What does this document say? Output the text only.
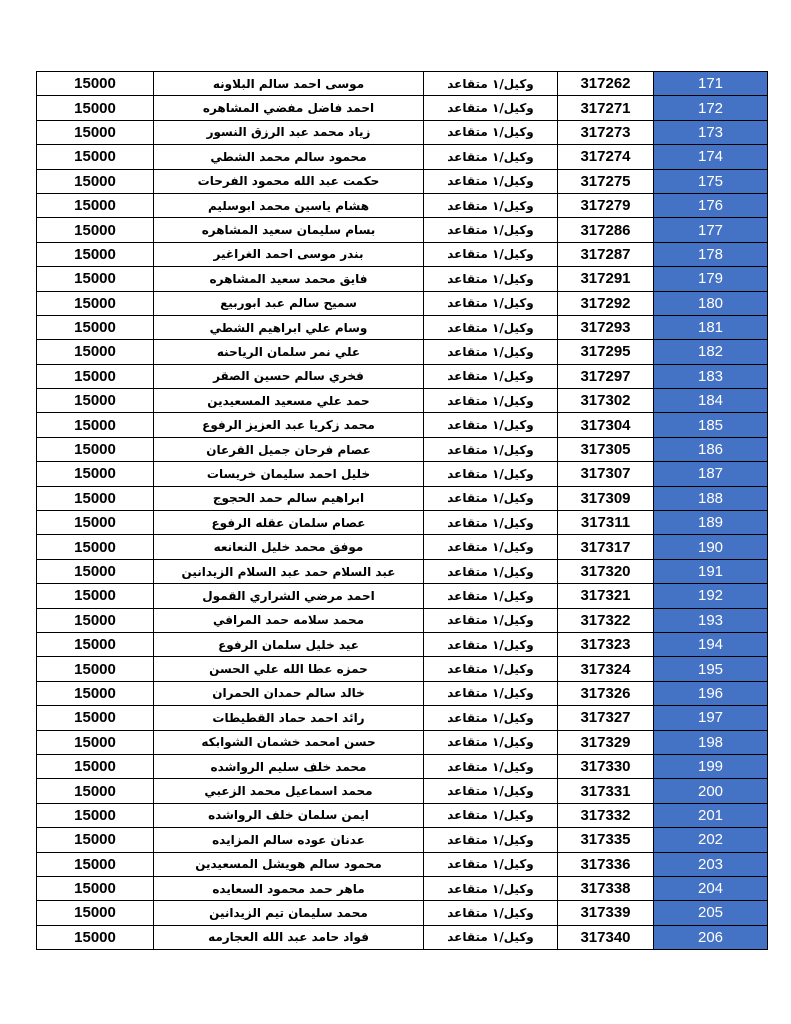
15000	موسى احمد سالم البلاونه	وكيل/١ متقاعد	317262	171
15000	احمد فاضل مفضي المشاهره	وكيل/١ متقاعد	317271	172
15000	زياد محمد عبد الرزق النسور	وكيل/١ متقاعد	317273	173
15000	محمود سالم محمد الشطي	وكيل/١ متقاعد	317274	174
15000	حكمت عبد الله محمود الفرحات	وكيل/١ متقاعد	317275	175
15000	هشام ياسين محمد ابوسليم	وكيل/١ متقاعد	317279	176
15000	بسام سليمان سعيد المشاهره	وكيل/١ متقاعد	317286	177
15000	بندر موسى احمد الغراغير	وكيل/١ متقاعد	317287	178
15000	فايق محمد سعيد المشاهره	وكيل/١ متقاعد	317291	179
15000	سميح سالم عبد ابوربيع	وكيل/١ متقاعد	317292	180
15000	وسام علي ابراهيم الشطي	وكيل/١ متقاعد	317293	181
15000	علي نمر سلمان الرياحنه	وكيل/١ متقاعد	317295	182
15000	فخري سالم حسين الصقر	وكيل/١ متقاعد	317297	183
15000	حمد علي مسعيد المسعيدين	وكيل/١ متقاعد	317302	184
15000	محمد زكريا عبد العزيز الرفوع	وكيل/١ متقاعد	317304	185
15000	عصام فرحان جميل القرعان	وكيل/١ متقاعد	317305	186
15000	خليل احمد سليمان خريسات	وكيل/١ متقاعد	317307	187
15000	ابراهيم سالم حمد الحجوج	وكيل/١ متقاعد	317309	188
15000	عصام سلمان عقله الرفوع	وكيل/١ متقاعد	317311	189
15000	موفق محمد خليل النعانعه	وكيل/١ متقاعد	317317	190
15000	عبد السلام حمد عبد السلام الزيدانين	وكيل/١ متقاعد	317320	191
15000	احمد مرضي الشراري القمول	وكيل/١ متقاعد	317321	192
15000	محمد سلامه حمد المرافي	وكيل/١ متقاعد	317322	193
15000	عيد خليل سلمان الرفوع	وكيل/١ متقاعد	317323	194
15000	حمزه عطا الله علي الحسن	وكيل/١ متقاعد	317324	195
15000	خالد سالم حمدان الحمران	وكيل/١ متقاعد	317326	196
15000	رائد احمد حماد القطيطات	وكيل/١ متقاعد	317327	197
15000	حسن امحمد خشمان الشوابكه	وكيل/١ متقاعد	317329	198
15000	محمد خلف سليم الرواشده	وكيل/١ متقاعد	317330	199
15000	محمد اسماعيل محمد الزعبي	وكيل/١ متقاعد	317331	200
15000	ايمن سلمان خلف الرواشده	وكيل/١ متقاعد	317332	201
15000	عدنان عوده سالم المزايده	وكيل/١ متقاعد	317335	202
15000	محمود سالم هويشل المسعيدين	وكيل/١ متقاعد	317336	203
15000	ماهر حمد محمود السعايده	وكيل/١ متقاعد	317338	204
15000	محمد سليمان تيم الزيدانين	وكيل/١ متقاعد	317339	205
15000	فواد حامد عبد الله العجارمه	وكيل/١ متقاعد	317340	206
